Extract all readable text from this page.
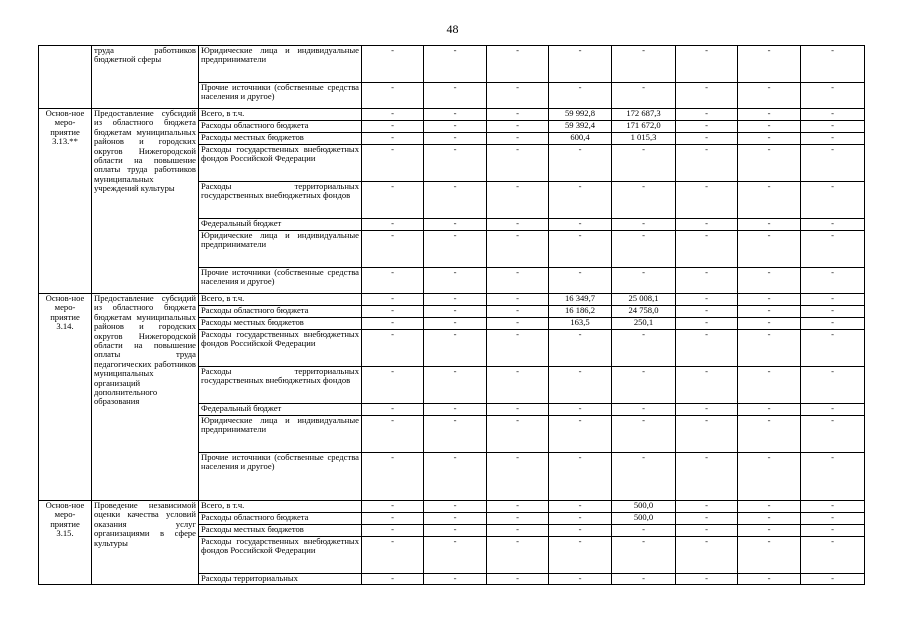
48
	труда работников бюджетной сферы	Юридические лица и индивидуальные предприниматели	-	-	-	-	-	-	-	-
		Прочие источники (собственные средства населения и другое)	-	-	-	-	-	-	-	-
Основ-ное меро-приятие 3.13.**	Предоставление субсидий из областного бюджета бюджетам муниципальных районов и городских округов Нижегородской области на повышение оплаты труда работников муниципальных учреждений культуры	Всего, в т.ч.	-	-	-	59 992,8	172 687,3	-	-	-
		Расходы областного бюджета	-	-	-	59 392,4	171 672,0	-	-	-
		Расходы местных бюджетов	-	-	-	600,4	1 015,3	-	-	-
		Расходы государственных внебюджетных фондов Российской Федерации	-	-	-	-	-	-	-	-
		Расходы территориальных государственных внебюджетных фондов	-	-	-	-	-	-	-	-
		Федеральный бюджет	-	-	-	-	-	-	-	-
		Юридические лица и индивидуальные предприниматели	-	-	-	-	-	-	-	-
		Прочие источники (собственные средства населения и другое)	-	-	-	-	-	-	-	-
Основ-ное меро-приятие 3.14.	Предоставление субсидий из областного бюджета бюджетам муниципальных районов и городских округов Нижегородской области на повышение оплаты труда педагогических работников муниципальных организаций дополнительного образования	Всего, в т.ч.	-	-	-	16 349,7	25 008,1	-	-	-
		Расходы областного бюджета	-	-	-	16 186,2	24 758,0	-	-	-
		Расходы местных бюджетов	-	-	-	163,5	250,1	-	-	-
		Расходы государственных внебюджетных фондов Российской Федерации	-	-	-	-	-	-	-	-
		Расходы территориальных государственных внебюджетных фондов	-	-	-	-	-	-	-	-
		Федеральный бюджет	-	-	-	-	-	-	-	-
		Юридические лица и индивидуальные предприниматели	-	-	-	-	-	-	-	-
		Прочие источники (собственные средства населения и другое)	-	-	-	-	-	-	-	-
Основ-ное меро-приятие 3.15.	Проведение независимой оценки качества условий оказания услуг организациями в сфере культуры	Всего, в т.ч.	-	-	-	-	500,0	-	-	-
		Расходы областного бюджета	-	-	-	-	500,0	-	-	-
		Расходы местных бюджетов	-	-	-	-	-	-	-	-
		Расходы государственных внебюджетных фондов Российской Федерации	-	-	-	-	-	-	-	-
		Расходы территориальных	-	-	-	-	-	-	-	-
